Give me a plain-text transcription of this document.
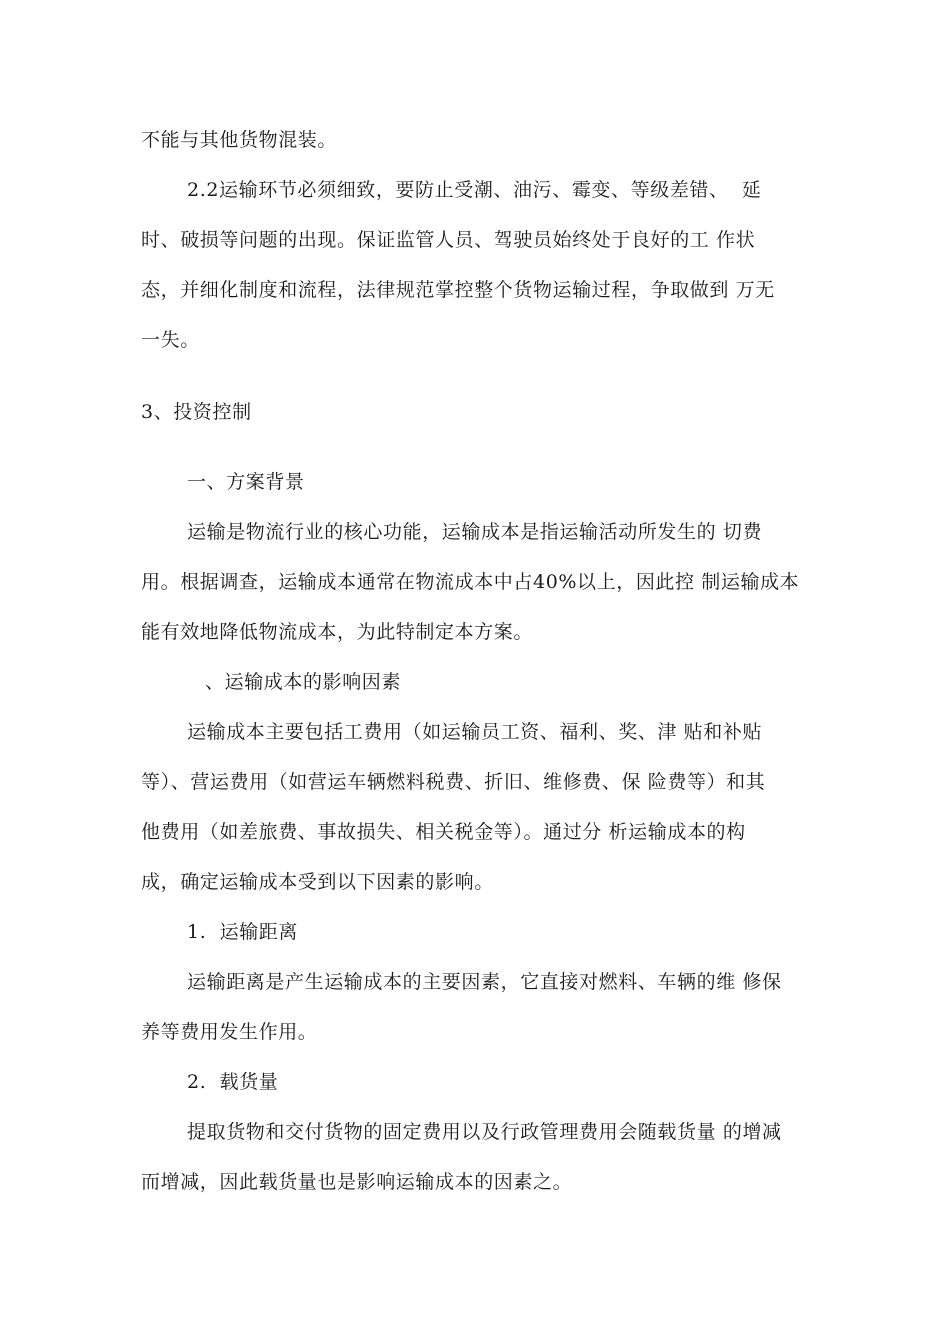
不能与其他货物混装。
2.2运输环节必须细致，要防止受潮、油污、霉变、等级差错、  延
时、破损等问题的出现。保证监管人员、驾驶员始终处于良好的工 作状
态，并细化制度和流程，法律规范掌控整个货物运输过程，争取做到 万无
一失。
3、投资控制
一、方案背景
运输是物流行业的核心功能，运输成本是指运输活动所发生的 切费
用。根据调查，运输成本通常在物流成本中占40%以上，因此控 制运输成本
能有效地降低物流成本，为此特制定本方案。
、运输成本的影响因素
运输成本主要包括工费用（如运输员工资、福利、奖、津 贴和补贴
等）、营运费用（如营运车辆燃料税费、折旧、维修费、保 险费等）和其
他费用（如差旅费、事故损失、相关税金等）。通过分 析运输成本的构
成，确定运输成本受到以下因素的影响。
1.  运输距离
运输距离是产生运输成本的主要因素，它直接对燃料、车辆的维 修保
养等费用发生作用。
2.  载货量
提取货物和交付货物的固定费用以及行政管理费用会随载货量 的增减
而增减，因此载货量也是影响运输成本的因素之。
